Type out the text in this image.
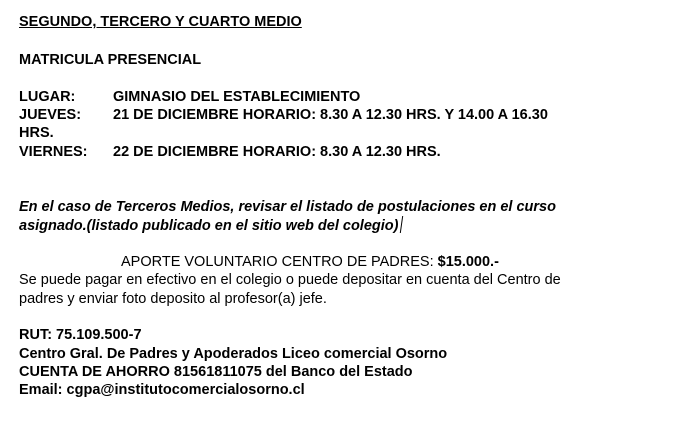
SEGUNDO, TERCERO Y CUARTO MEDIO
MATRICULA PRESENCIAL
LUGAR:	GIMNASIO DEL ESTABLECIMIENTO
JUEVES: 21 DE DICIEMBRE HORARIO: 8.30 A 12.30 HRS. Y 14.00 A 16.30
HRS.
VIERNES: 22 DE DICIEMBRE HORARIO: 8.30 A 12.30 HRS.
En el caso de Terceros Medios, revisar el listado de postulaciones en el curso
asignado.(listado publicado en el sitio web del colegio)
APORTE VOLUNTARIO CENTRO DE PADRES: $15.000.-
Se puede pagar en efectivo en el colegio o puede depositar en cuenta del Centro de
padres y enviar foto deposito al profesor(a) jefe.
RUT: 75.109.500-7
Centro Gral. De Padres y Apoderados Liceo comercial Osorno
CUENTA DE AHORRO 81561811075 del Banco del Estado
Email: cgpa@institutocomercialosorno.cl
